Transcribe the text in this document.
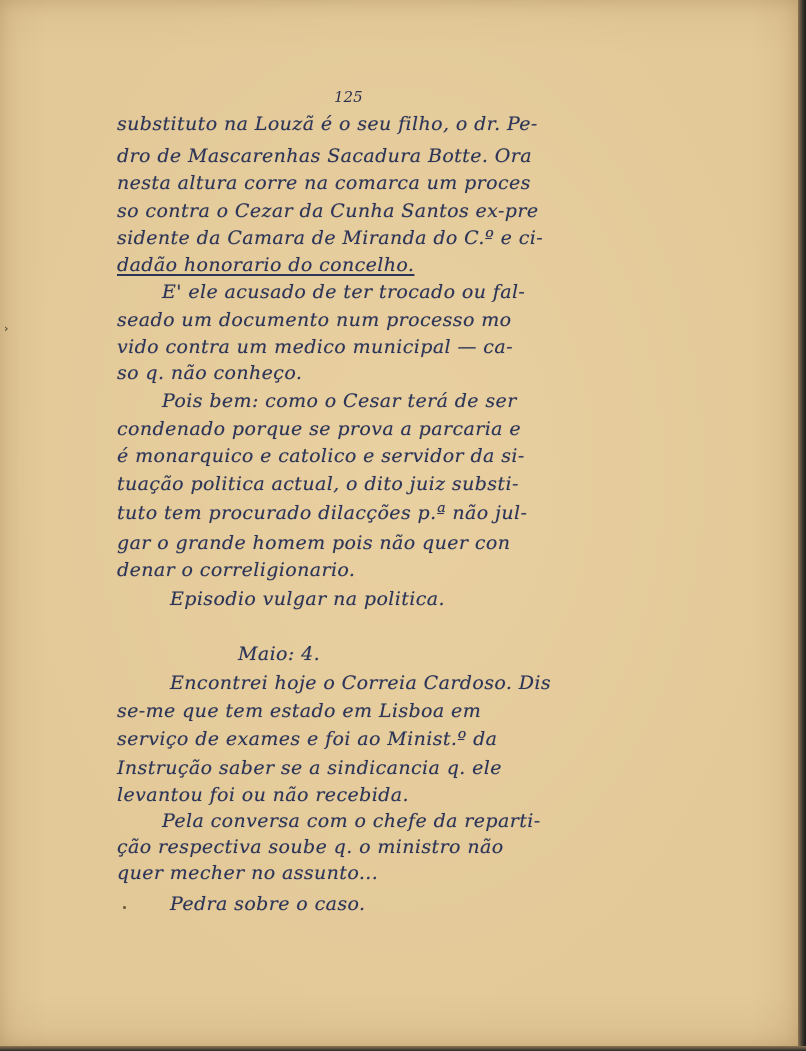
125
substituto na Louzã é o seu filho, o dr. Pe-
dro de Mascarenhas Sacadura Botte. Ora
nesta altura corre na comarca um proces
so contra o Cezar da Cunha Santos ex-pre
sidente da Camara de Miranda do C.º e ci-
dadão honorario do concelho.
E' ele acusado de ter trocado ou fal-
seado um documento num processo mo
vido contra um medico municipal — ca-
so q. não conheço.
Pois bem: como o Cesar terá de ser
condenado porque se prova a parcaria e
é monarquico e catolico e servidor da si-
tuação politica actual, o dito juiz substi-
tuto tem procurado dilacções p.ª não jul-
gar o grande homem pois não quer con
denar o correligionario.
Episodio vulgar na politica.
Maio: 4.
Encontrei hoje o Correia Cardoso. Dis
se-me que tem estado em Lisboa em
serviço de exames e foi ao Minist.º da
Instrução saber se a sindicancia q. ele
levantou foi ou não recebida.
Pela conversa com o chefe da reparti-
ção respectiva soube q. o ministro não
quer mecher no assunto...
Pedra sobre o caso.
›
